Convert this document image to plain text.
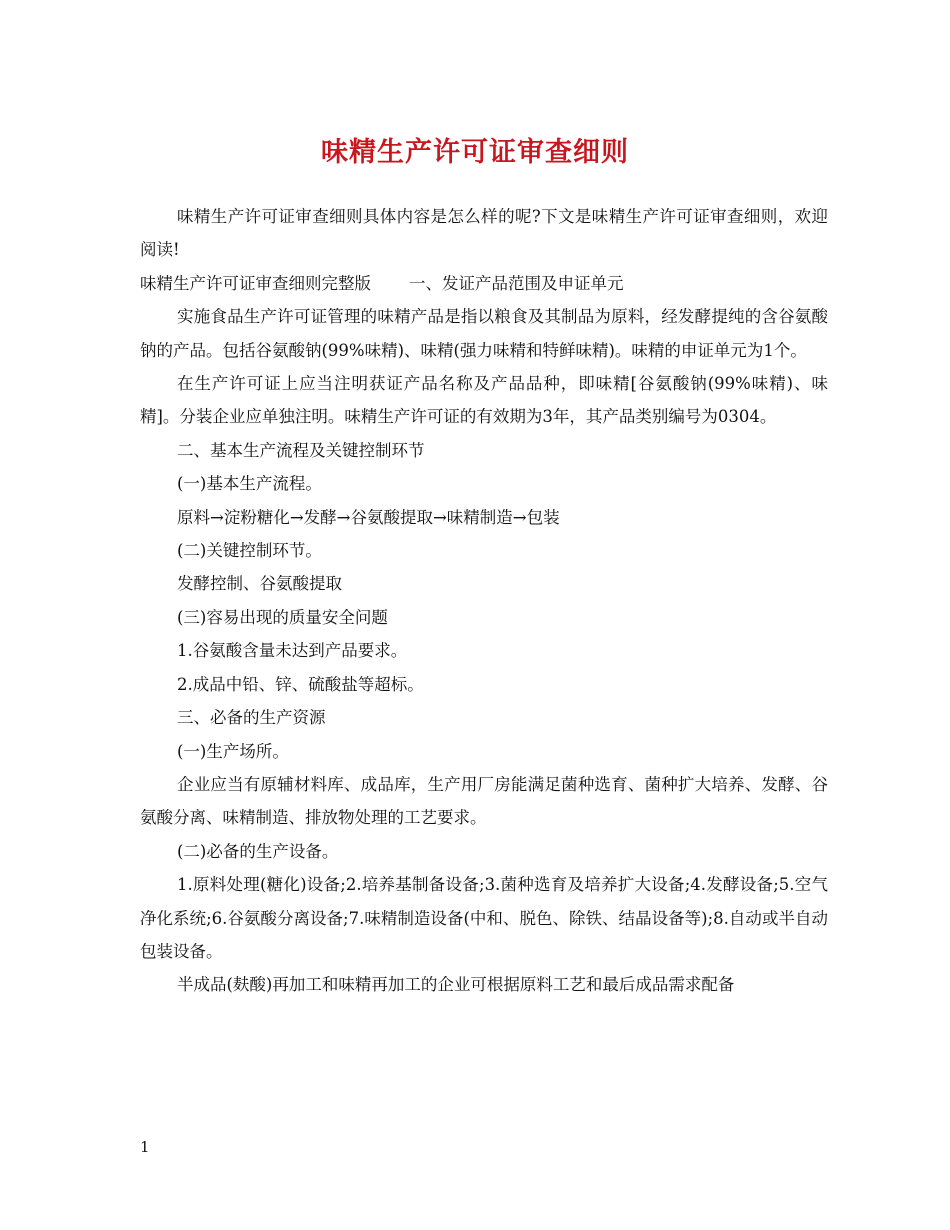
味精生产许可证审查细则

味精生产许可证审查细则具体内容是怎么样的呢?下文是味精生产许可证审查细则，欢迎阅读!

味精生产许可证审查细则完整版 一、发证产品范围及申证单元

实施食品生产许可证管理的味精产品是指以粮食及其制品为原料，经发酵提纯的含谷氨酸钠的产品。包括谷氨酸钠(99%味精)、味精(强力味精和特鲜味精)。味精的申证单元为1个。

在生产许可证上应当注明获证产品名称及产品品种，即味精[谷氨酸钠(99%味精)、味精]。分装企业应单独注明。味精生产许可证的有效期为3年，其产品类别编号为0304。

二、基本生产流程及关键控制环节

(一)基本生产流程。

原料→淀粉糖化→发酵→谷氨酸提取→味精制造→包装

(二)关键控制环节。

发酵控制、谷氨酸提取

(三)容易出现的质量安全问题

1.谷氨酸含量未达到产品要求。

2.成品中铅、锌、硫酸盐等超标。

三、必备的生产资源

(一)生产场所。

企业应当有原辅材料库、成品库，生产用厂房能满足菌种选育、菌种扩大培养、发酵、谷氨酸分离、味精制造、排放物处理的工艺要求。

(二)必备的生产设备。

1.原料处理(糖化)设备;2.培养基制备设备;3.菌种选育及培养扩大设备;4.发酵设备;5.空气净化系统;6.谷氨酸分离设备;7.味精制造设备(中和、脱色、除铁、结晶设备等);8.自动或半自动包装设备。

半成品(麸酸)再加工和味精再加工的企业可根据原料工艺和最后成品需求配备

1
